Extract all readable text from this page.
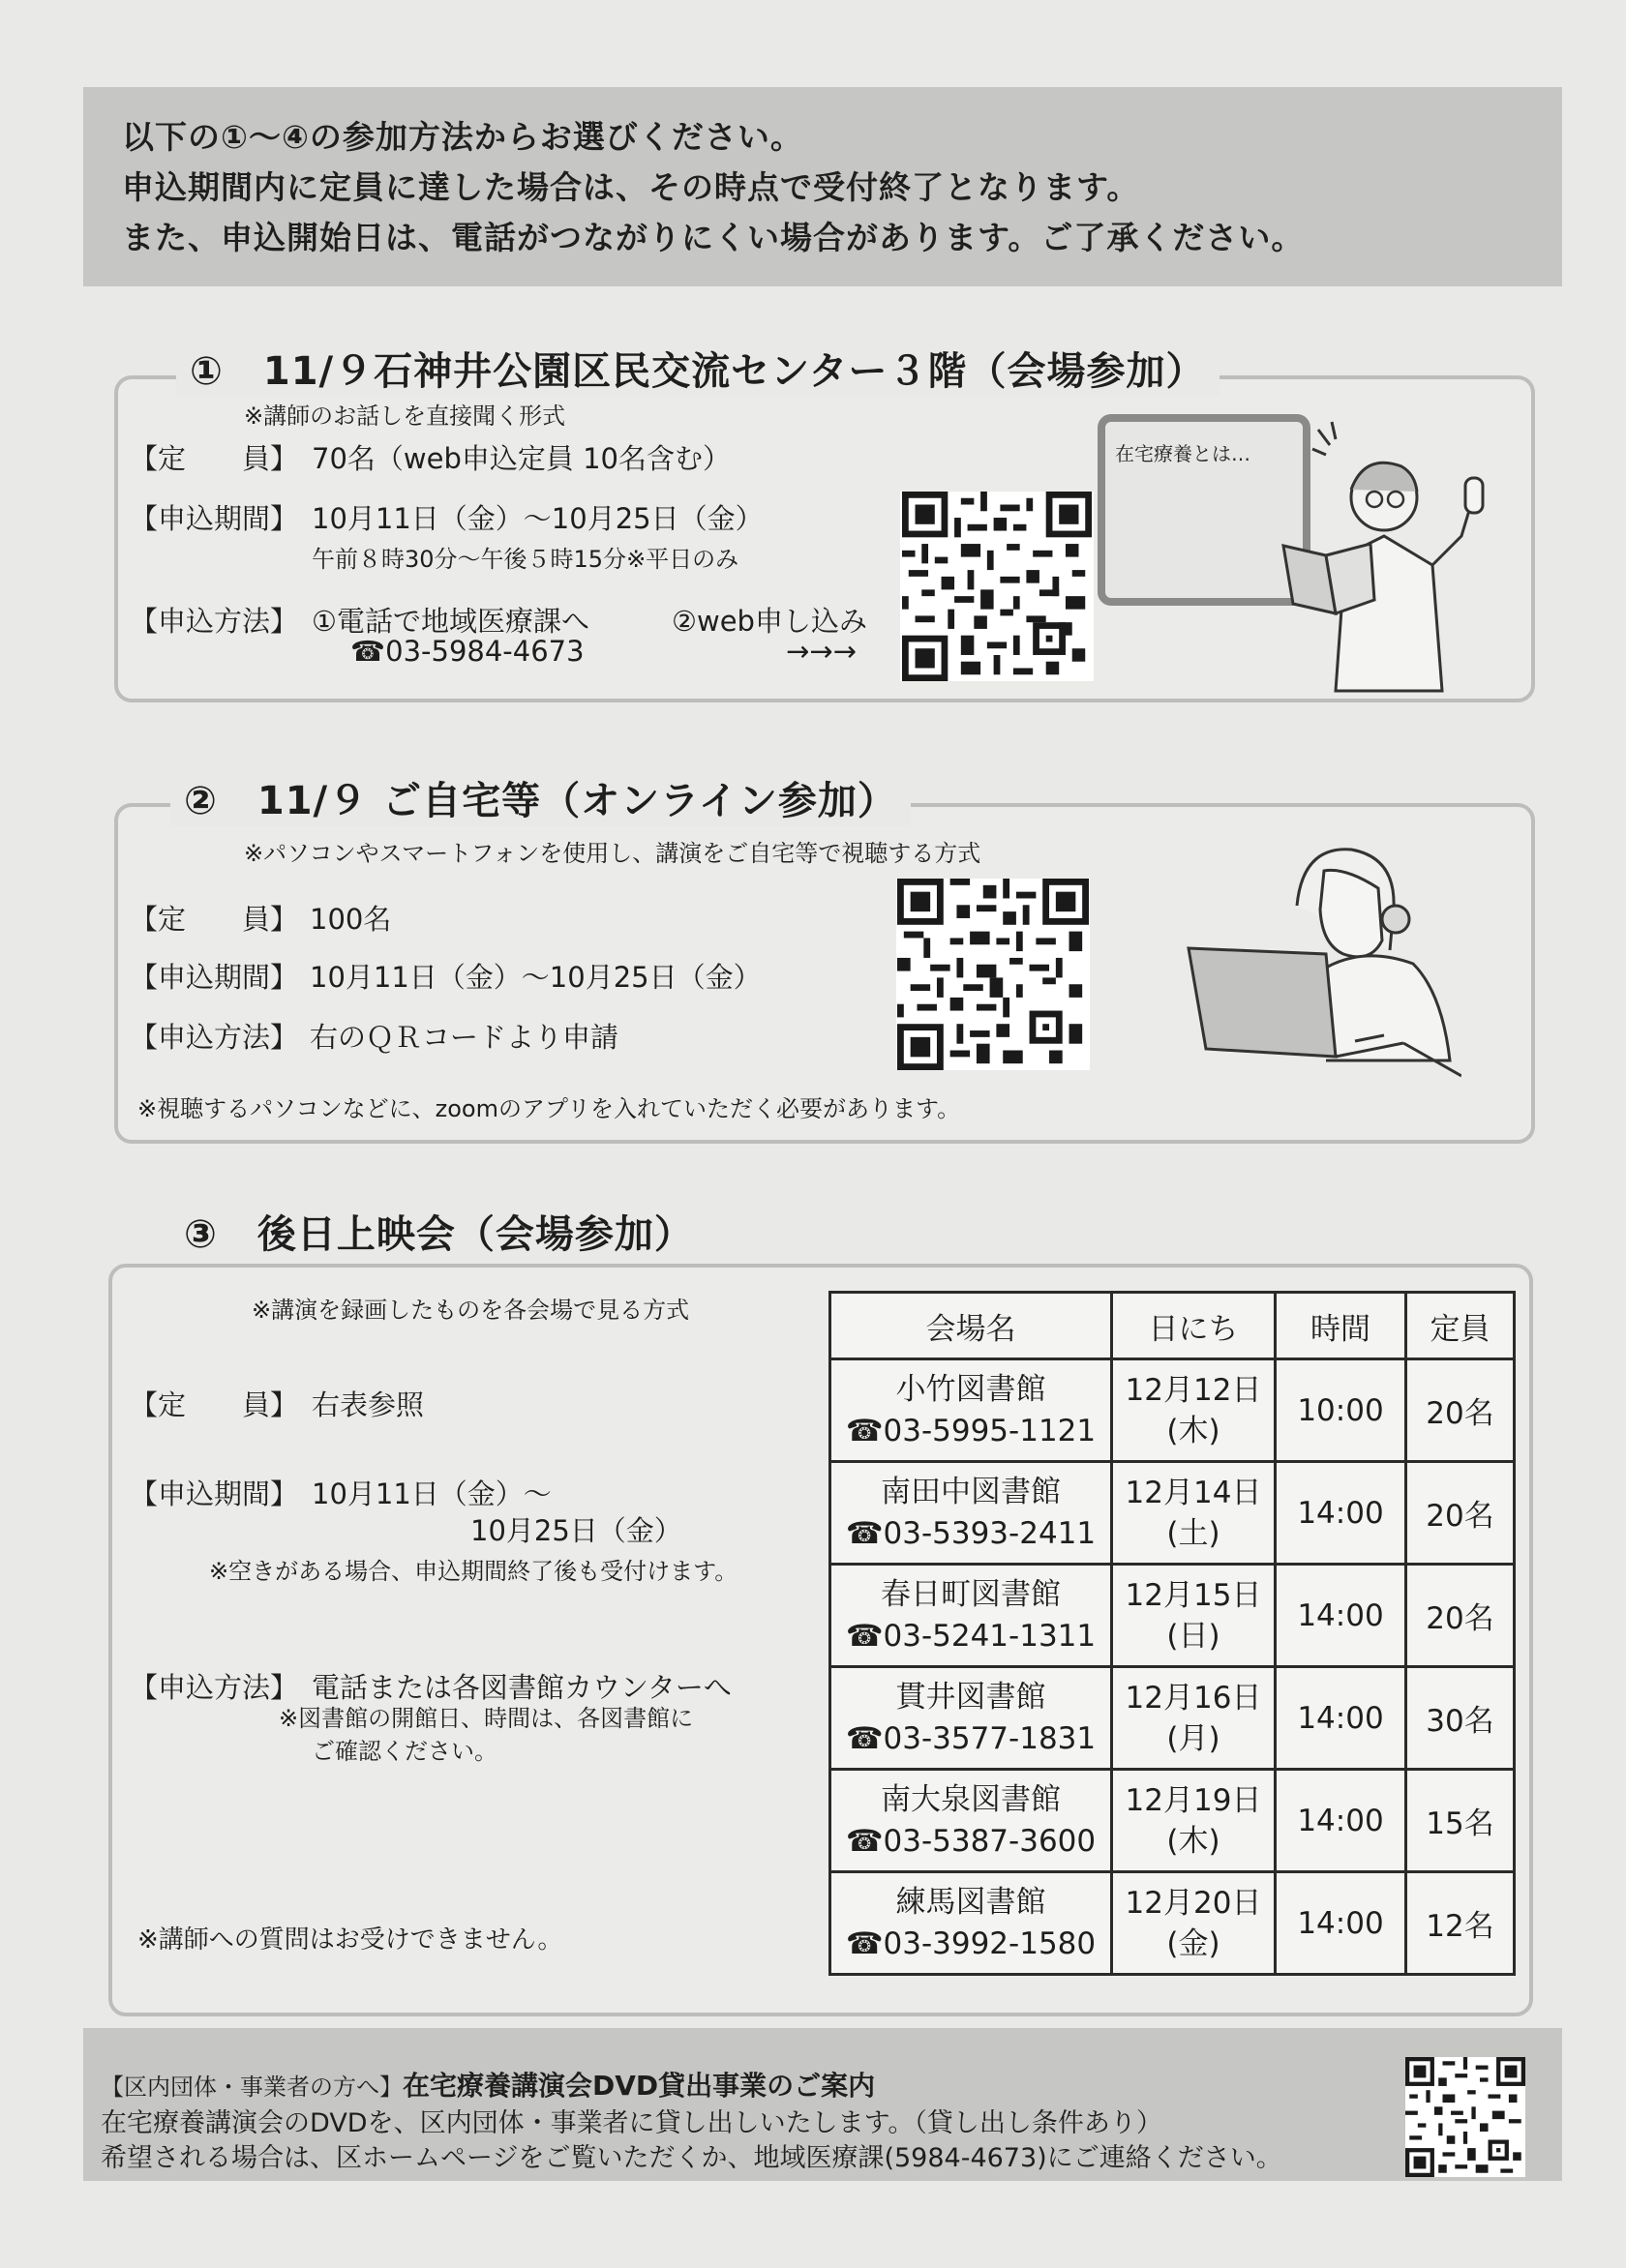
以下の①〜④の参加方法からお選びください。
申込期間内に定員に達した場合は、その時点で受付終了となります。
また、申込開始日は、電話がつながりにくい場合があります。ご了承ください。
①　11/９石神井公園区民交流センター３階（会場参加）
※講師のお話しを直接聞く形式
【定　　員】 70名（web申込定員 10名含む）
【申込期間】 10月11日（金）〜10月25日（金）
午前８時30分〜午後５時15分※平日のみ
【申込方法】 ①電話で地域医療課へ	②web申し込み
☎03-5984-4673	→→→
在宅療養とは…
②　11/９ ご自宅等（オンライン参加）
※パソコンやスマートフォンを使用し、講演をご自宅等で視聴する方式
【定　　員】 100名
【申込期間】 10月11日（金）〜10月25日（金）
【申込方法】 右のＱＲコードより申請
※視聴するパソコンなどに、zoomのアプリを入れていただく必要があります。
③　後日上映会（会場参加）
※講演を録画したものを各会場で見る方式
【定　　員】 右表参照
【申込期間】 10月11日（金）〜
10月25日（金）
※空きがある場合、申込期間終了後も受付けます。
【申込方法】 電話または各図書館カウンターへ
※図書館の開館日、時間は、各図書館に
ご確認ください。
※講師への質問はお受けできません。
会場名	日にち	時間	定員

小竹図書館
☎03-5995-1121	12月12日
(木)	10:00	20名

南田中図書館
☎03-5393-2411	12月14日
(土)	14:00	20名

春日町図書館
☎03-5241-1311	12月15日
(日)	14:00	20名

貫井図書館
☎03-3577-1831	12月16日
(月)	14:00	30名

南大泉図書館
☎03-5387-3600	12月19日
(木)	14:00	15名

練馬図書館
☎03-3992-1580	12月20日
(金)	14:00	12名
【区内団体・事業者の方へ】在宅療養講演会DVD貸出事業のご案内
在宅療養講演会のDVDを、区内団体・事業者に貸し出しいたします。（貸し出し条件あり）
希望される場合は、区ホームページをご覧いただくか、地域医療課(5984-4673)にご連絡ください。
